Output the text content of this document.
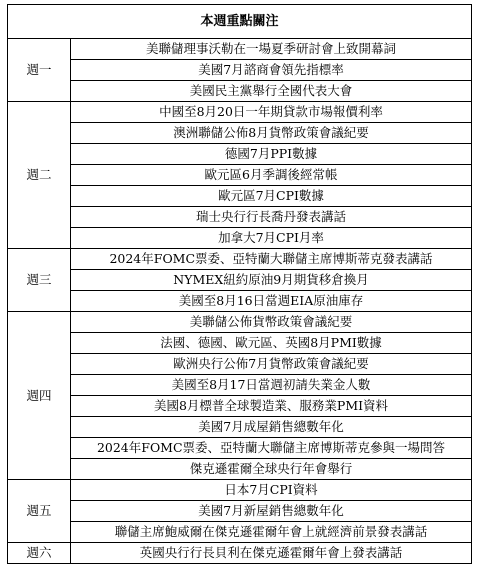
本週重點關注	
週一	美聯儲理事沃勒在一場夏季研討會上致開幕詞
	美國7月諮商會領先指標率
	美國民主黨舉行全國代表大會
週二	中國至8月20日一年期貸款市場報價利率
	澳洲聯儲公佈8月貨幣政策會議紀要
	德國7月PPI數據
	歐元區6月季調後經常帳
	歐元區7月CPI數據
	瑞士央行行長喬丹發表講話
	加拿大7月CPI月率
週三	2024年FOMC票委、亞特蘭大聯儲主席博斯蒂克發表講話
	NYMEX紐約原油9月期貨移倉換月
	美國至8月16日當週EIA原油庫存
週四	美聯儲公佈貨幣政策會議紀要
	法國、德國、歐元區、英國8月PMI數據
	歐洲央行公佈7月貨幣政策會議紀要
	美國至8月17日當週初請失業金人數
	美國8月標普全球製造業、服務業PMI資料
	美國7月成屋銷售總數年化
	2024年FOMC票委、亞特蘭大聯儲主席博斯蒂克參與一場問答
	傑克遜霍爾全球央行年會舉行
週五	日本7月CPI資料
	美國7月新屋銷售總數年化
	聯儲主席鮑威爾在傑克遜霍爾年會上就經濟前景發表講話
週六	英國央行行長貝利在傑克遜霍爾年會上發表講話
